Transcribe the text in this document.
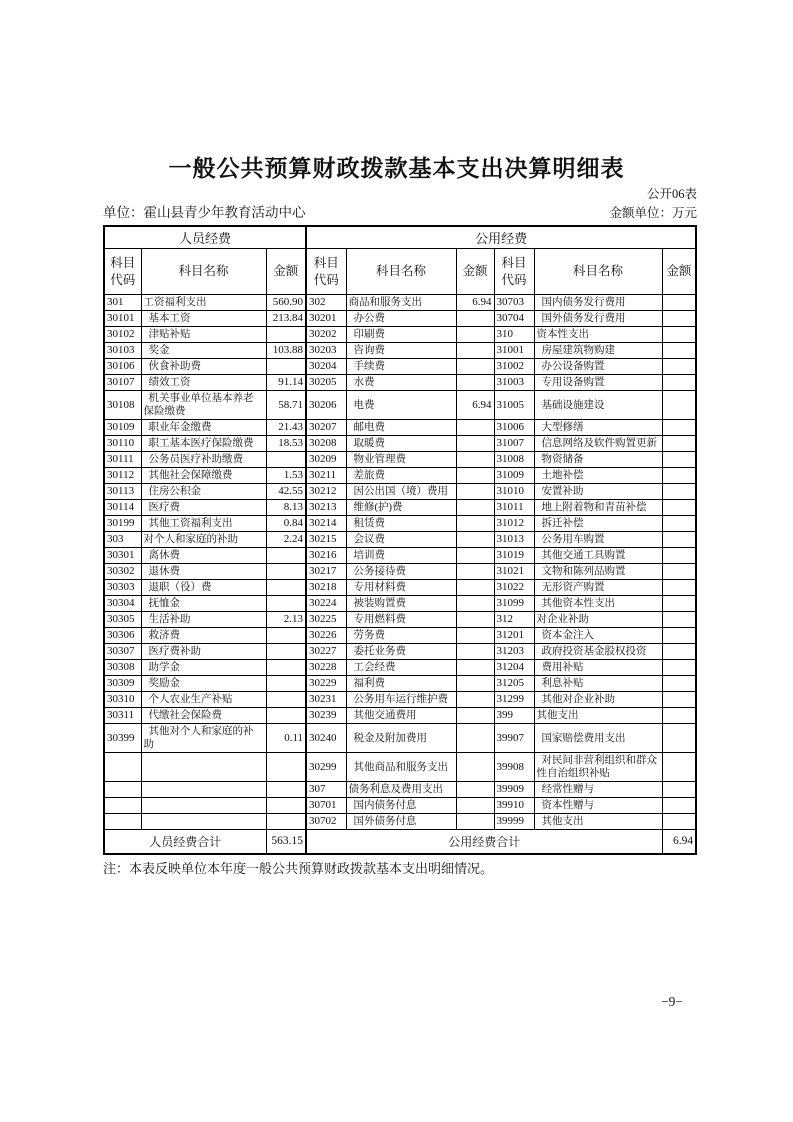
一般公共预算财政拨款基本支出决算明细表
公开06表
单位：霍山县青少年教育活动中心	金额单位：万元
人员经费			公用经费					
科目代码	科目名称	金额	科目代码	科目名称	金额	科目代码	科目名称	金额
301	工资福利支出	560.90	302	商品和服务支出	6.94	30703	国内债务发行费用	
30101	基本工资	213.84	30201	办公费		30704	国外债务发行费用	
30102	津贴补贴		30202	印刷费		310	资本性支出	
30103	奖金	103.88	30203	咨询费		31001	房屋建筑物购建	
30106	伙食补助费		30204	手续费		31002	办公设备购置	
30107	绩效工资	91.14	30205	水费		31003	专用设备购置	
30108	机关事业单位基本养老保险缴费	58.71	30206	电费	6.94	31005	基础设施建设	
30109	职业年金缴费	21.43	30207	邮电费		31006	大型修缮	
30110	职工基本医疗保险缴费	18.53	30208	取暖费		31007	信息网络及软件购置更新	
30111	公务员医疗补助缴费		30209	物业管理费		31008	物资储备	
30112	其他社会保障缴费	1.53	30211	差旅费		31009	土地补偿	
30113	住房公积金	42.55	30212	因公出国（境）费用		31010	安置补助	
30114	医疗费	8.13	30213	维修(护)费		31011	地上附着物和青苗补偿	
30199	其他工资福利支出	0.84	30214	租赁费		31012	拆迁补偿	
303	对个人和家庭的补助	2.24	30215	会议费		31013	公务用车购置	
30301	离休费		30216	培训费		31019	其他交通工具购置	
30302	退休费		30217	公务接待费		31021	文物和陈列品购置	
30303	退职（役）费		30218	专用材料费		31022	无形资产购置	
30304	抚恤金		30224	被装购置费		31099	其他资本性支出	
30305	生活补助	2.13	30225	专用燃料费		312	对企业补助	
30306	救济费		30226	劳务费		31201	资本金注入	
30307	医疗费补助		30227	委托业务费		31203	政府投资基金股权投资	
30308	助学金		30228	工会经费		31204	费用补贴	
30309	奖励金		30229	福利费		31205	利息补贴	
30310	个人农业生产补贴		30231	公务用车运行维护费		31299	其他对企业补助	
30311	代缴社会保险费		30239	其他交通费用		399	其他支出	
30399	其他对个人和家庭的补助	0.11	30240	税金及附加费用		39907	国家赔偿费用支出	
			30299	其他商品和服务支出		39908	对民间非营利组织和群众性自治组织补贴	
			307	债务利息及费用支出		39909	经常性赠与	
			30701	国内债务付息		39910	资本性赠与	
			30702	国外债务付息		39999	其他支出	
人员经费合计		563.15	公用经费合计					6.94
注：本表反映单位本年度一般公共预算财政拨款基本支出明细情况。
−9−
